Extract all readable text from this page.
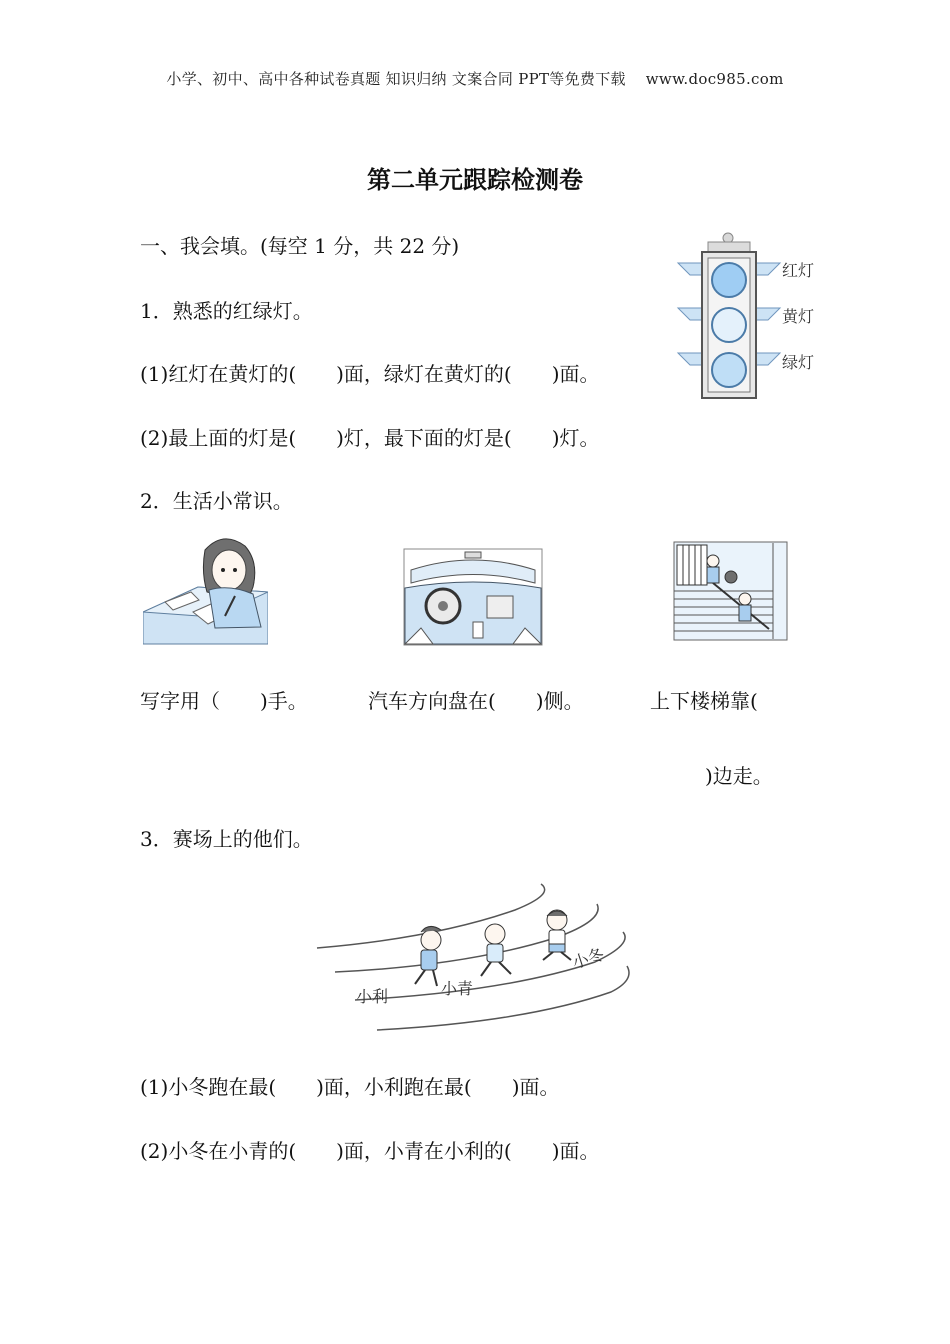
小学、初中、高中各种试卷真题 知识归纳 文案合同 PPT等免费下载 www.doc985.com
第二单元跟踪检测卷
一、我会填。(每空 1 分，共 22 分)
1．熟悉的红绿灯。
(1)红灯在黄灯的(　　)面，绿灯在黄灯的(　　)面。
(2)最上面的灯是(　　)灯，最下面的灯是(　　)灯。
红灯
黄灯
绿灯
2．生活小常识。
写字用（　　)手。	汽车方向盘在(　　)侧。	上下楼梯靠(
)边走。
3．赛场上的他们。
小利	小青
小冬
(1)小冬跑在最(　　)面，小利跑在最(　　)面。
(2)小冬在小青的(　　)面，小青在小利的(　　)面。
